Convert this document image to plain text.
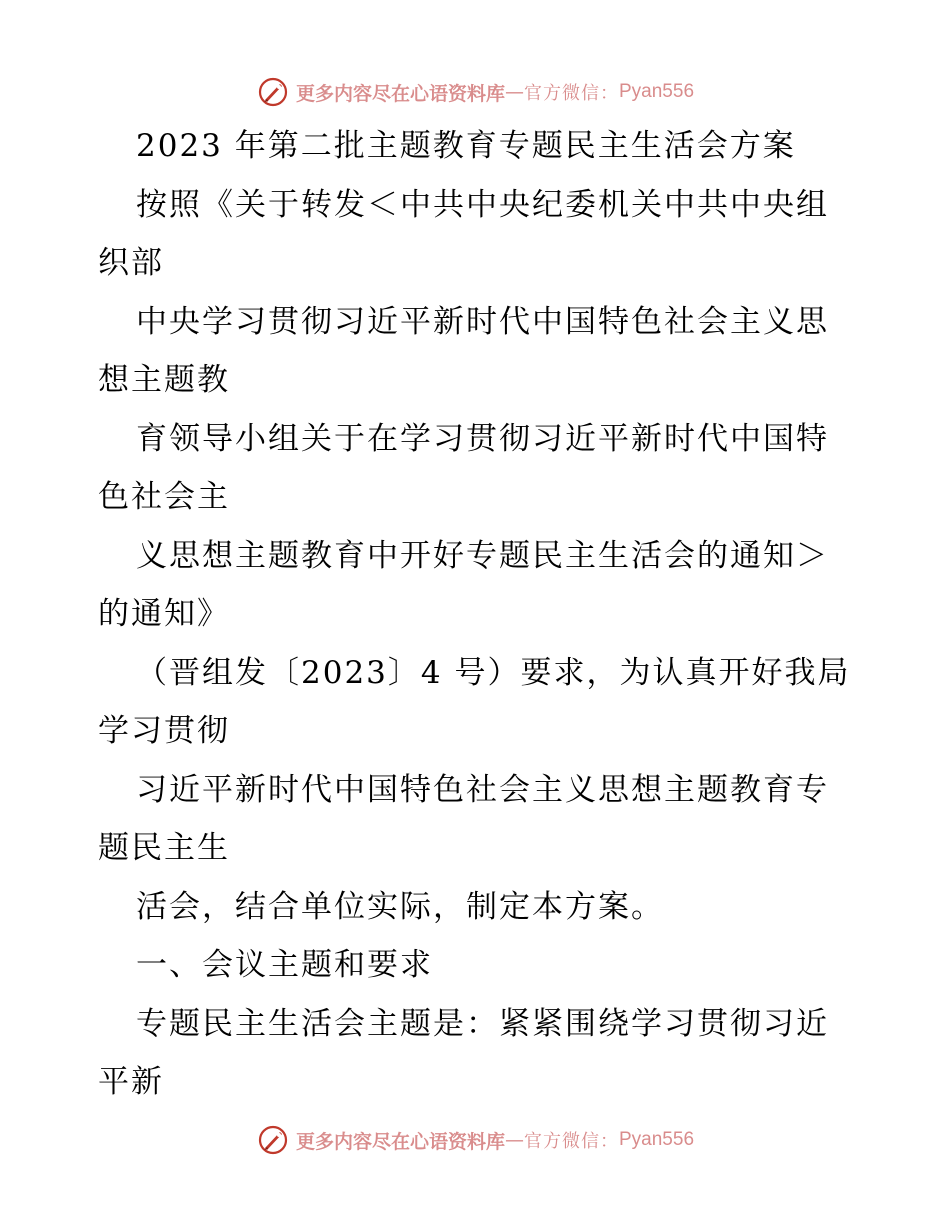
更多内容尽在心语资料库 — 官方微信： Pyan556
2023 年第二批主题教育专题民主生活会方案
按照《关于转发＜中共中央纪委机关中共中央组
织部
中央学习贯彻习近平新时代中国特色社会主义思
想主题教
育领导小组关于在学习贯彻习近平新时代中国特
色社会主
义思想主题教育中开好专题民主生活会的通知＞
的通知》
（晋组发〔2023〕4 号）要求，为认真开好我局
学习贯彻
习近平新时代中国特色社会主义思想主题教育专
题民主生
活会，结合单位实际，制定本方案。
一、会议主题和要求
专题民主生活会主题是：紧紧围绕学习贯彻习近
平新
更多内容尽在心语资料库 — 官方微信： Pyan556
